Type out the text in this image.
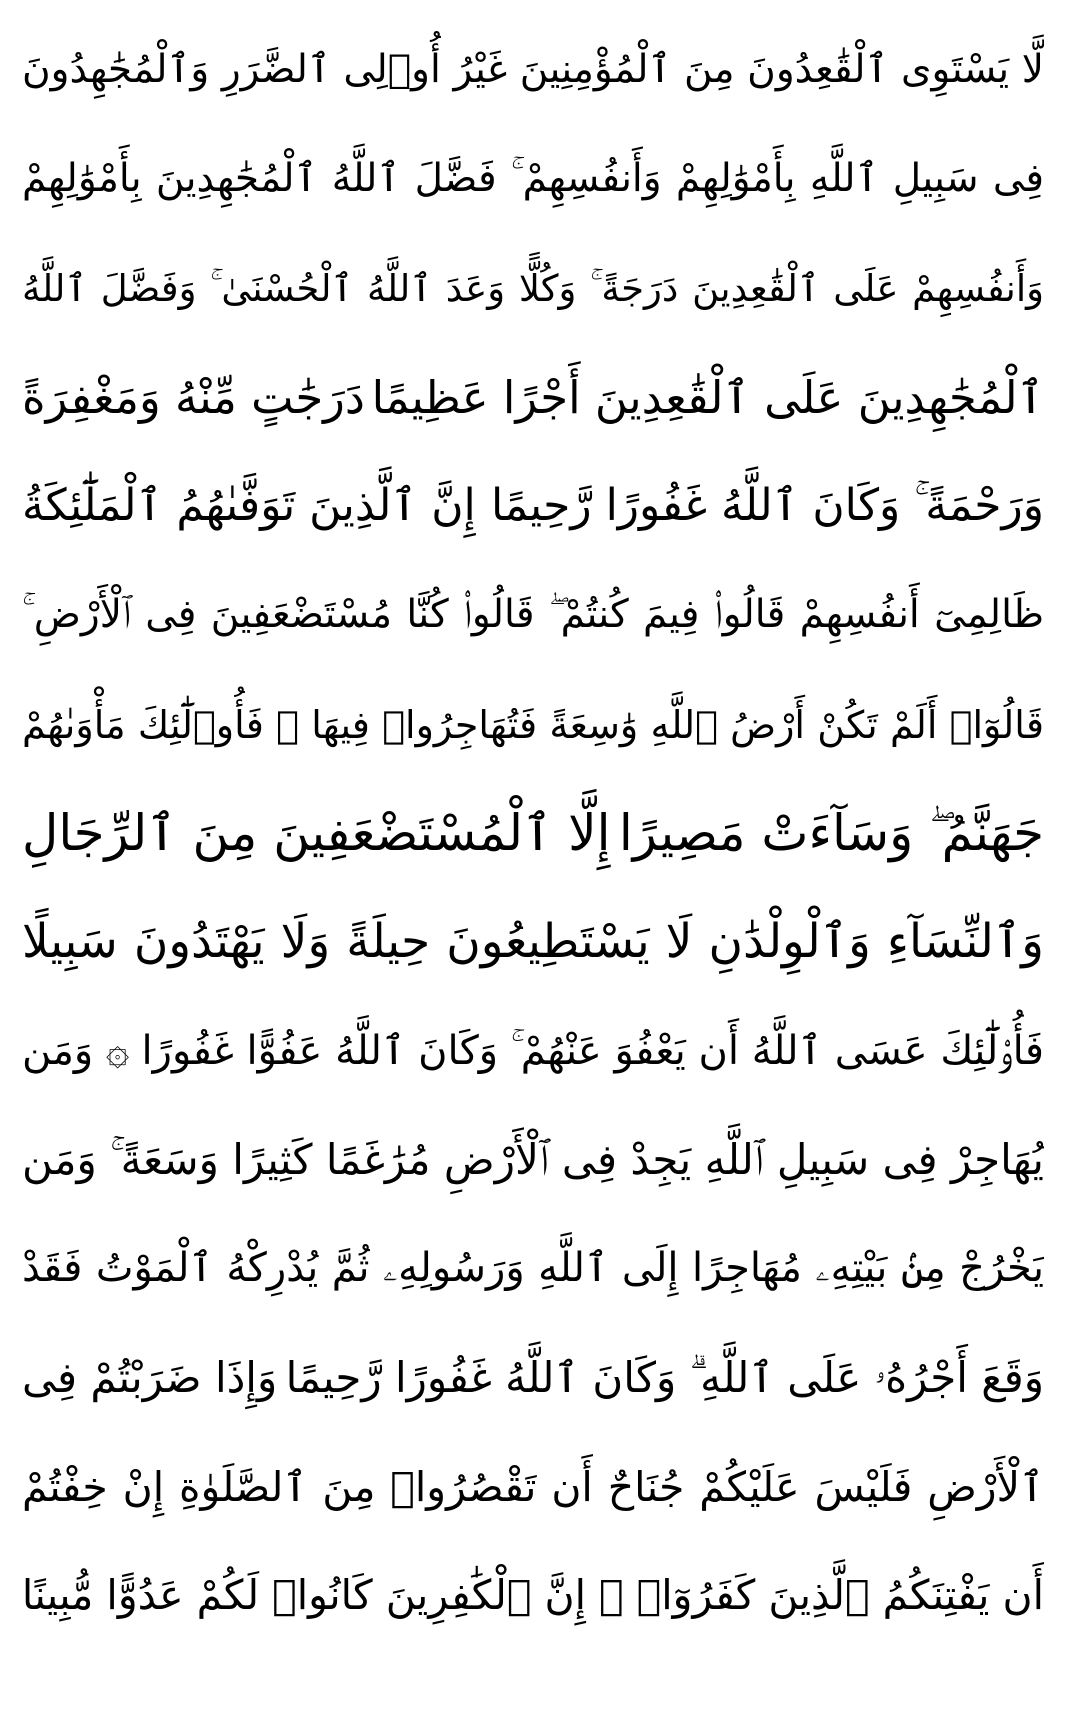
لَّا يَسْتَوِى ٱلْقَٰعِدُونَ مِنَ ٱلْمُؤْمِنِينَ غَيْرُ أُو۟لِى ٱلضَّرَرِ وَٱلْمُجَٰهِدُونَ
فِى سَبِيلِ ٱللَّهِ بِأَمْوَٰلِهِمْ وَأَنفُسِهِمْ ۚ فَضَّلَ ٱللَّهُ ٱلْمُجَٰهِدِينَ بِأَمْوَٰلِهِمْ
وَأَنفُسِهِمْ عَلَى ٱلْقَٰعِدِينَ دَرَجَةً ۚ وَكُلًّا وَعَدَ ٱللَّهُ ٱلْحُسْنَىٰ ۚ وَفَضَّلَ ٱللَّهُ
ٱلْمُجَٰهِدِينَ عَلَى ٱلْقَٰعِدِينَ أَجْرًا عَظِيمًا
دَرَجَٰتٍ مِّنْهُ وَمَغْفِرَةً
وَرَحْمَةً ۚ وَكَانَ ٱللَّهُ غَفُورًا رَّحِيمًا
إِنَّ ٱلَّذِينَ تَوَفَّىٰهُمُ ٱلْمَلَٰٓئِكَةُ
ظَالِمِىٓ أَنفُسِهِمْ قَالُوا۟ فِيمَ كُنتُمْ ۖ قَالُوا۟ كُنَّا مُسْتَضْعَفِينَ فِى ٱلْأَرْضِ ۚ
قَالُوٓا۟ أَلَمْ تَكُنْ أَرْضُ ٱللَّهِ وَٰسِعَةً فَتُهَاجِرُوا۟ فِيهَا ۚ فَأُو۟لَٰٓئِكَ مَأْوَىٰهُمْ
جَهَنَّمُ ۖ وَسَآءَتْ مَصِيرًا
إِلَّا ٱلْمُسْتَضْعَفِينَ مِنَ ٱلرِّجَالِ
وَٱلنِّسَآءِ وَٱلْوِلْدَٰنِ لَا يَسْتَطِيعُونَ حِيلَةً وَلَا يَهْتَدُونَ سَبِيلًا
فَأُو۟لَٰٓئِكَ عَسَى ٱللَّهُ أَن يَعْفُوَ عَنْهُمْ ۚ وَكَانَ ٱللَّهُ عَفُوًّا غَفُورًا
۞ وَمَن
يُهَاجِرْ فِى سَبِيلِ ٱللَّهِ يَجِدْ فِى ٱلْأَرْضِ مُرَٰغَمًا كَثِيرًا وَسَعَةً ۚ وَمَن
يَخْرُجْ مِنۢ بَيْتِهِۦ مُهَاجِرًا إِلَى ٱللَّهِ وَرَسُولِهِۦ ثُمَّ يُدْرِكْهُ ٱلْمَوْتُ فَقَدْ
وَقَعَ أَجْرُهُۥ عَلَى ٱللَّهِ ۗ وَكَانَ ٱللَّهُ غَفُورًا رَّحِيمًا
وَإِذَا ضَرَبْتُمْ فِى
ٱلْأَرْضِ فَلَيْسَ عَلَيْكُمْ جُنَاحٌ أَن تَقْصُرُوا۟ مِنَ ٱلصَّلَوٰةِ إِنْ خِفْتُمْ
أَن يَفْتِنَكُمُ ٱلَّذِينَ كَفَرُوٓا۟ ۚ إِنَّ ٱلْكَٰفِرِينَ كَانُوا۟ لَكُمْ عَدُوًّا مُّبِينًا
